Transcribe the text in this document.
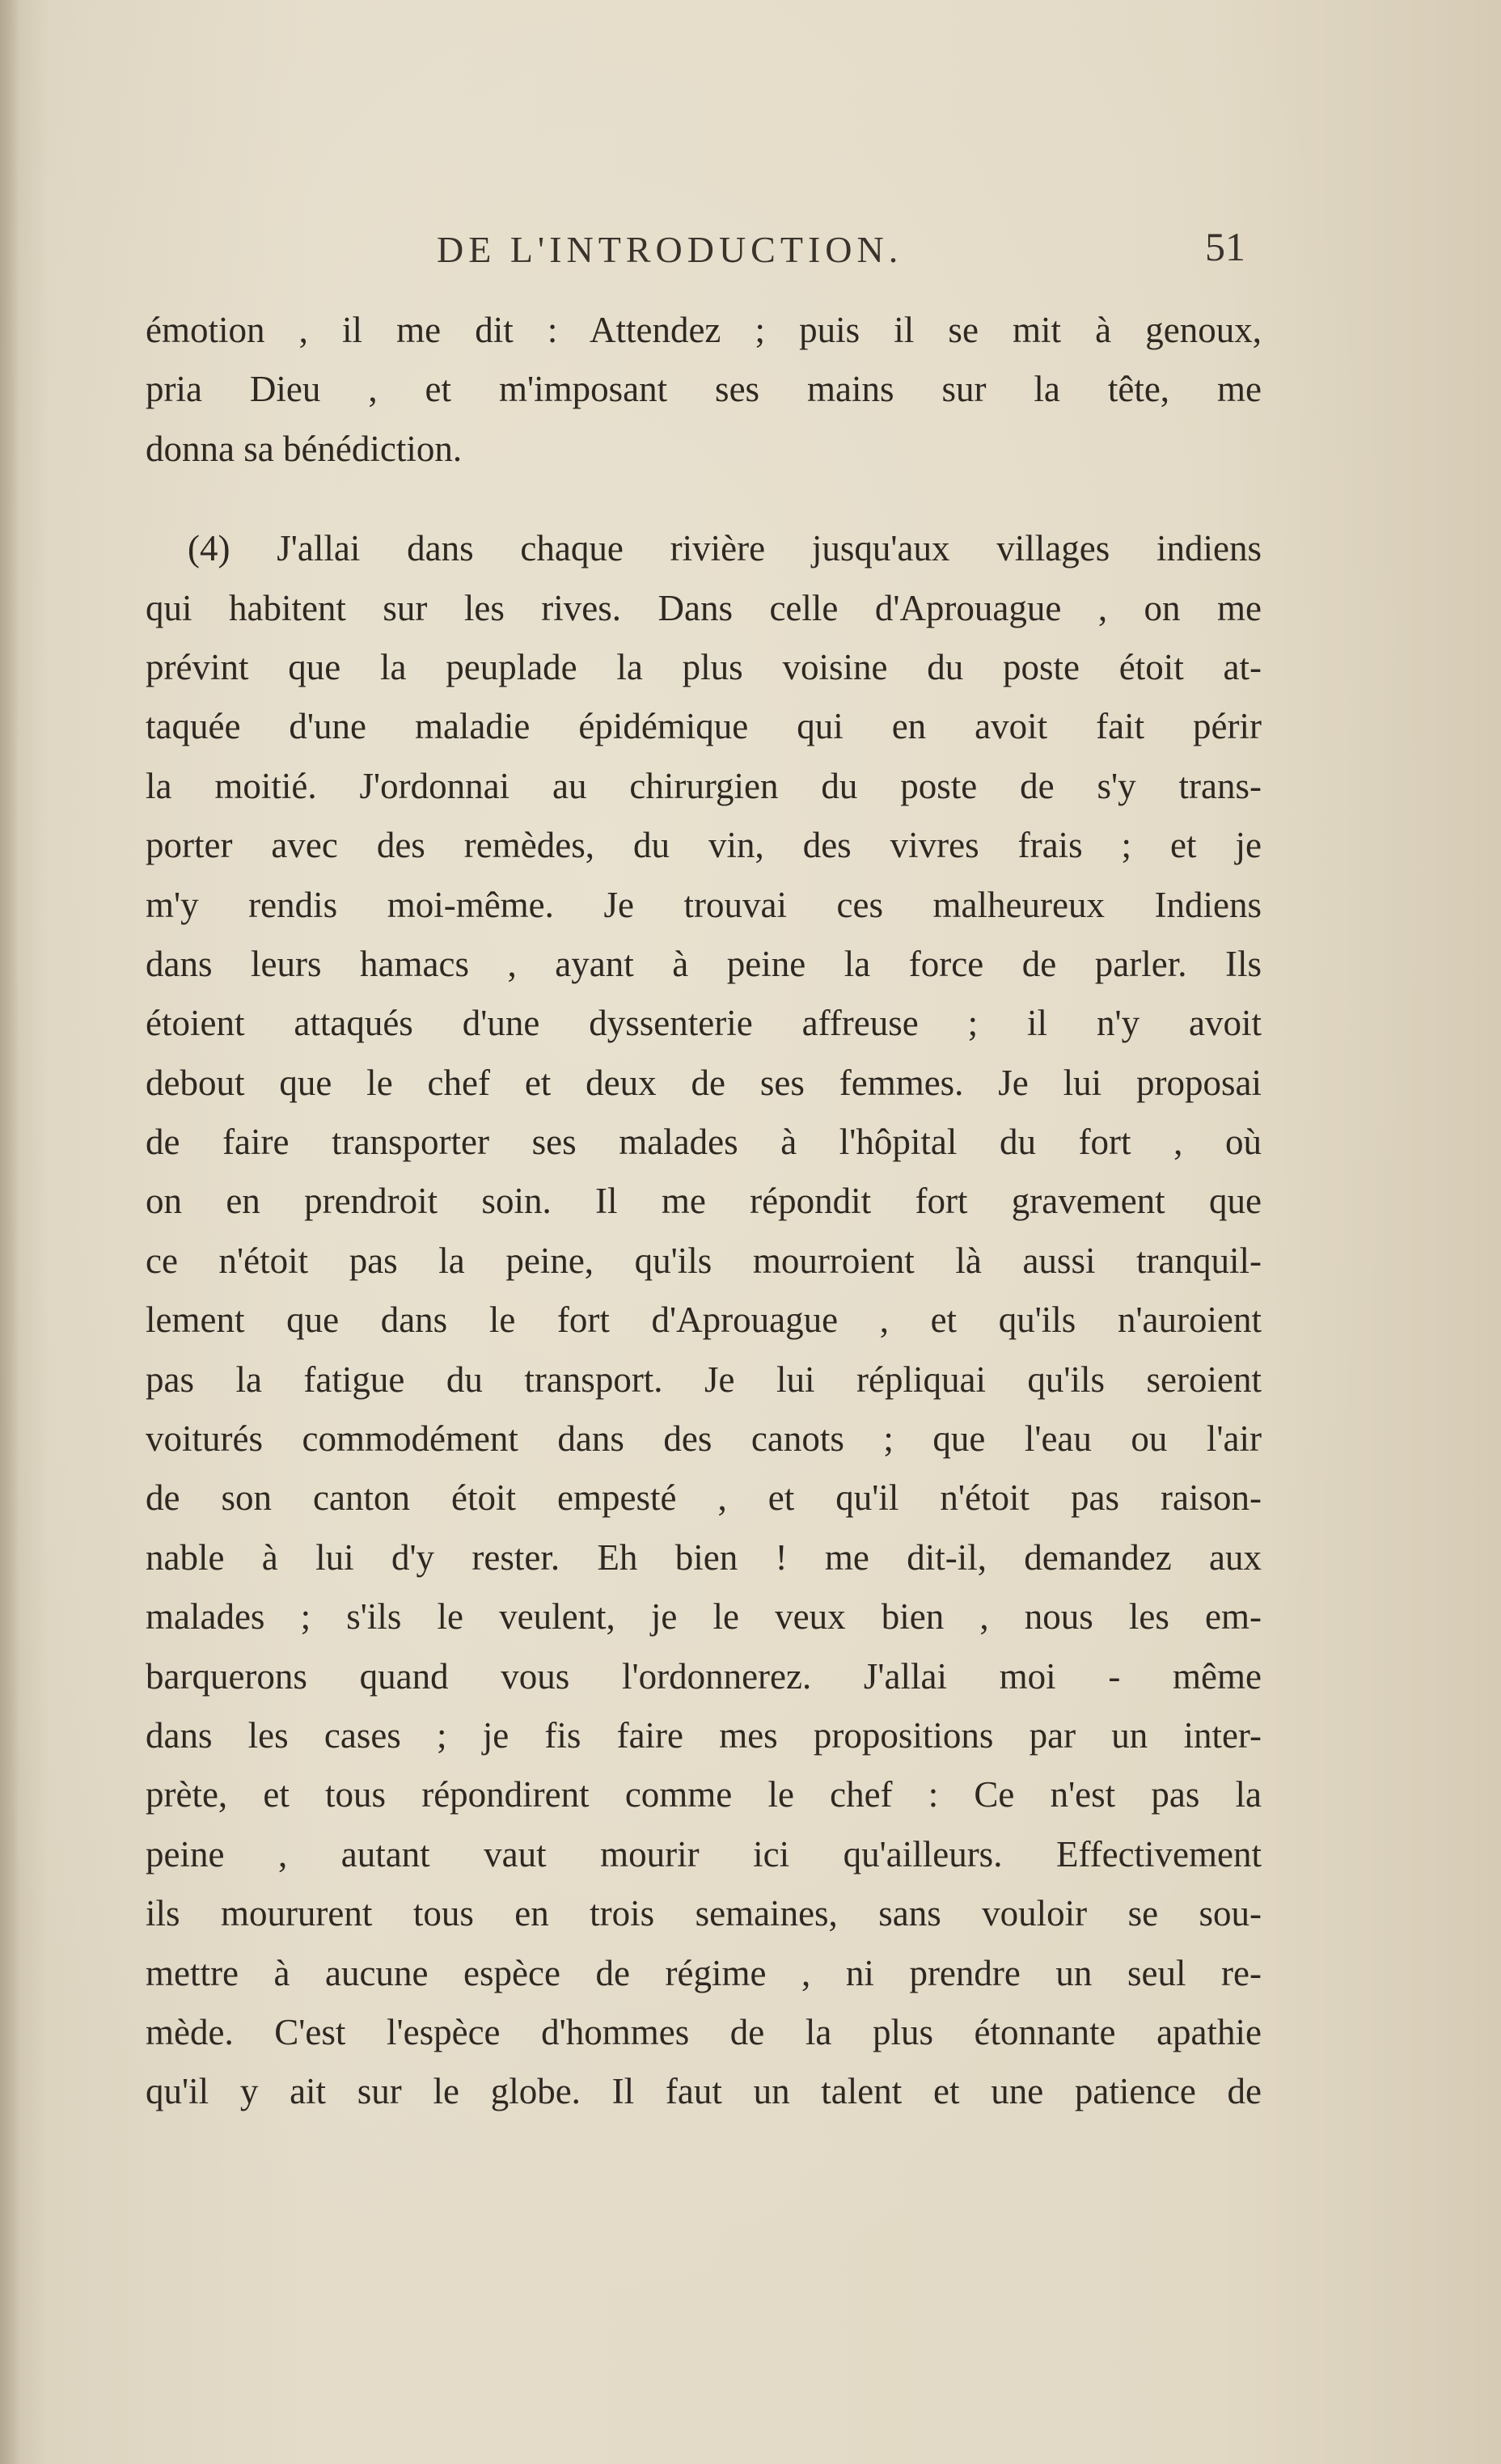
DE L'INTRODUCTION.	51
émotion , il me dit : Attendez ; puis il se mit à genoux,
pria Dieu , et m'imposant ses mains sur la tête, me
donna sa bénédiction.
(4) J'allai dans chaque rivière jusqu'aux villages indiens
qui habitent sur les rives. Dans celle d'Aprouague , on me
prévint que la peuplade la plus voisine du poste étoit at-
taquée d'une maladie épidémique qui en avoit fait périr
la moitié. J'ordonnai au chirurgien du poste de s'y trans-
porter avec des remèdes, du vin, des vivres frais ; et je
m'y rendis moi-même. Je trouvai ces malheureux Indiens
dans leurs hamacs , ayant à peine la force de parler. Ils
étoient attaqués d'une dyssenterie affreuse ; il n'y avoit
debout que le chef et deux de ses femmes. Je lui proposai
de faire transporter ses malades à l'hôpital du fort , où
on en prendroit soin. Il me répondit fort gravement que
ce n'étoit pas la peine, qu'ils mourroient là aussi tranquil-
lement que dans le fort d'Aprouague , et qu'ils n'auroient
pas la fatigue du transport. Je lui répliquai qu'ils seroient
voiturés commodément dans des canots ; que l'eau ou l'air
de son canton étoit empesté , et qu'il n'étoit pas raison-
nable à lui d'y rester. Eh bien ! me dit-il, demandez aux
malades ; s'ils le veulent, je le veux bien , nous les em-
barquerons quand vous l'ordonnerez. J'allai moi - même
dans les cases ; je fis faire mes propositions par un inter-
prète, et tous répondirent comme le chef : Ce n'est pas la
peine , autant vaut mourir ici qu'ailleurs. Effectivement
ils moururent tous en trois semaines, sans vouloir se sou-
mettre à aucune espèce de régime , ni prendre un seul re-
mède. C'est l'espèce d'hommes de la plus étonnante apathie
qu'il y ait sur le globe. Il faut un talent et une patience de
